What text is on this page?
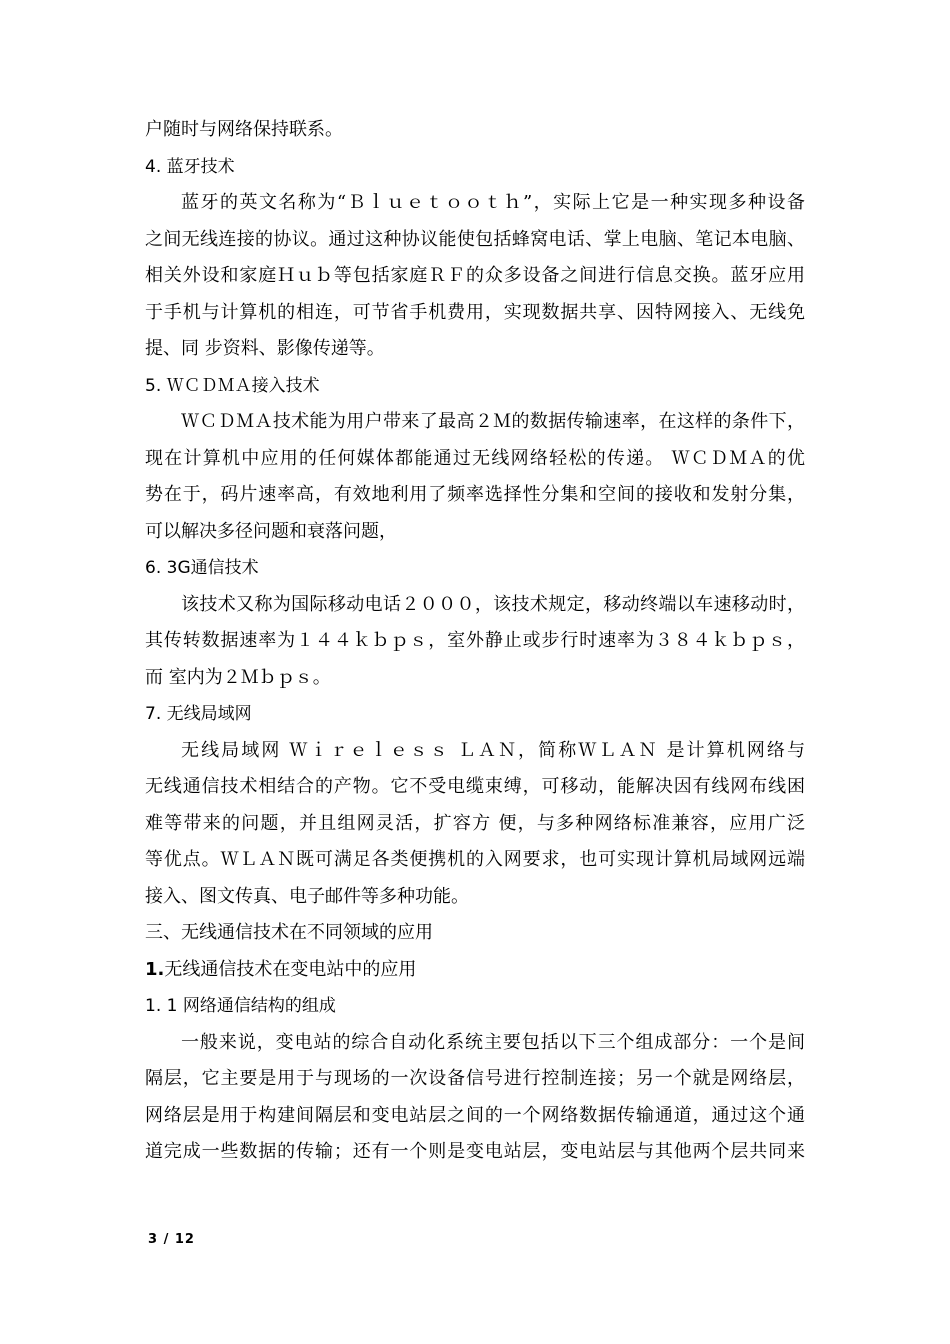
户随时与网络保持联系。
4. 蓝牙技术
蓝牙的英文名称为“Ｂｌｕｅｔｏｏｔｈ”，实际上它是一种实现多种设备
之间无线连接的协议。通过这种协议能使包括蜂窝电话、掌上电脑、笔记本电脑、
相关外设和家庭Ｈｕｂ等包括家庭ＲＦ的众多设备之间进行信息交换。蓝牙应用
于手机与计算机的相连，可节省手机费用，实现数据共享、因特网接入、无线免
提、同 步资料、影像传递等。
5. ＷＣＤＭＡ接入技术
ＷＣＤＭＡ技术能为用户带来了最高２Ｍ的数据传输速率，在这样的条件下，
现在计算机中应用的任何媒体都能通过无线网络轻松的传递。 ＷＣＤＭＡ的优
势在于，码片速率高，有效地利用了频率选择性分集和空间的接收和发射分集，
可以解决多径问题和衰落问题，
6. 3G通信技术
该技术又称为国际移动电话２０００，该技术规定，移动终端以车速移动时，
其传转数据速率为１４４ｋｂｐｓ，室外静止或步行时速率为３８４ｋｂｐｓ，
而 室内为２Ｍｂｐｓ。
7. 无线局域网
无线局域网 Ｗｉｒｅｌｅｓｓ ＬＡＮ，简称ＷＬＡＮ 是计算机网络与
无线通信技术相结合的产物。它不受电缆束缚，可移动，能解决因有线网布线困
难等带来的问题，并且组网灵活，扩容方 便，与多种网络标准兼容，应用广泛
等优点。ＷＬＡＮ既可满足各类便携机的入网要求，也可实现计算机局域网远端
接入、图文传真、电子邮件等多种功能。
三、无线通信技术在不同领域的应用
1.无线通信技术在变电站中的应用
1. 1 网络通信结构的组成
一般来说，变电站的综合自动化系统主要包括以下三个组成部分：一个是间
隔层，它主要是用于与现场的一次设备信号进行控制连接；另一个就是网络层，
网络层是用于构建间隔层和变电站层之间的一个网络数据传输通道，通过这个通
道完成一些数据的传输；还有一个则是变电站层，变电站层与其他两个层共同来
3 / 12
